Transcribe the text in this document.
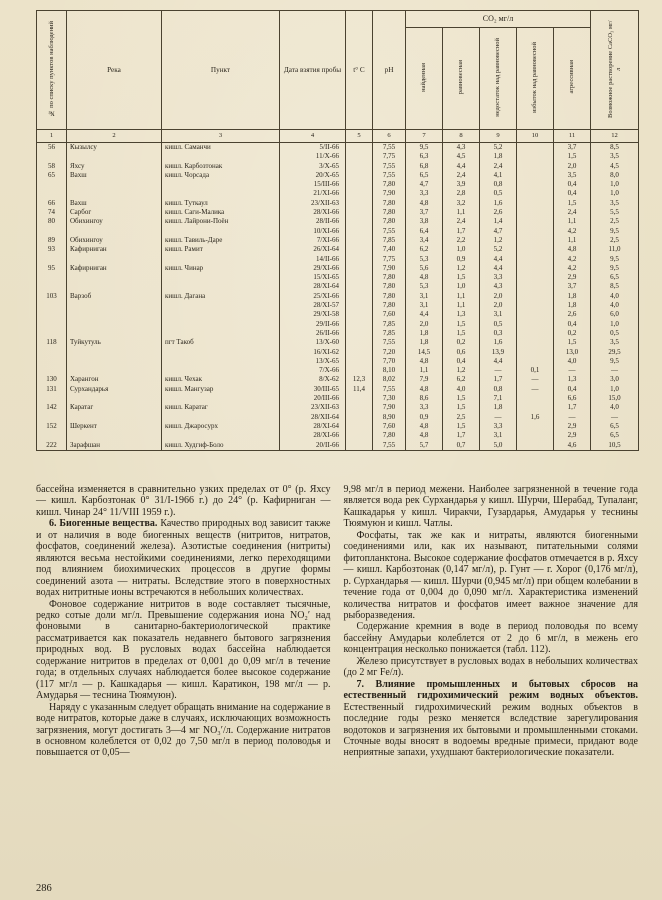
№ по списку пунктов наблюдений	Река	Пункт	Дата взятия пробы	t° C	pH	CO₂ мг/л					Возможное растворение CaCO₃ мг/л
						найденная	равновесная	недостаток над равновесной	избыток над равновесной	агрессивная	
1	2	3	4	5	6	7	8	9	10	11	12
56	Кызылсу	кишл. Саманчи	5/II-66		7,55	9,5	4,3	5,2		3,7	8,5
			11/X-66		7,75	6,3	4,5	1,8		1,5	3,5
58	Яхсу	кишл. Карбозтонак	3/X-65		7,55	6,8	4,4	2,4		2,0	4,5
65	Вахш	кишл. Чорсада	20/X-65		7,55	6,5	2,4	4,1		3,5	8,0
			15/III-66		7,80	4,7	3,9	0,8		0,4	1,0
			21/XI-66		7,90	3,3	2,8	0,5		0,4	1,0
66	Вахш	кишл. Туткаул	23/XII-63		7,80	4,8	3,2	1,6		1,5	3,5
74	Сарбог	кишл. Саги-Малика	28/XI-66		7,80	3,7	1,1	2,6		2,4	5,5
80	Обихингоу	кишл. Лайрони-Поён	28/II-66		7,80	3,8	2,4	1,4		1,1	2,5
			10/XI-66		7,55	6,4	1,7	4,7		4,2	9,5
89	Обихингоу	кишл. Тавиль-Даре	7/XI-66		7,85	3,4	2,2	1,2		1,1	2,5
93	Кафирниган	кишл. Рамит	26/XI-64		7,40	6,2	1,0	5,2		4,8	11,0
			14/II-66		7,75	5,3	0,9	4,4		4,2	9,5
95	Кафирниган	кишл. Чинар	29/XI-66		7,90	5,6	1,2	4,4		4,2	9,5
			15/XI-65		7,80	4,8	1,5	3,3		2,9	6,5
			28/XI-64		7,80	5,3	1,0	4,3		3,7	8,5
103	Варзоб	кишл. Дагана	25/XI-66		7,80	3,1	1,1	2,0		1,8	4,0
			28/XI-57		7,80	3,1	1,1	2,0		1,8	4,0
			29/XI-58		7,60	4,4	1,3	3,1		2,6	6,0
			29/II-66		7,85	2,0	1,5	0,5		0,4	1,0
			26/II-66		7,85	1,8	1,5	0,3		0,2	0,5
118	Туйкутуль	пгт Такоб	13/X-60		7,55	1,8	0,2	1,6		1,5	3,5
			16/XI-62		7,20	14,5	0,6	13,9		13,0	29,5
			13/X-65		7,70	4,8	0,4	4,4		4,0	9,5
			7/X-66		8,10	1,1	1,2	—	0,1	—	—
130	Харангон	кишл. Чехак	8/X-62	12,3	8,02	7,9	6,2	1,7	—	1,3	3,0
131	Сурхандарья	кишл. Мангузар	30/III-65	11,4	7,55	4,8	4,0	0,8	—	0,4	1,0
			20/III-66		7,30	8,6	1,5	7,1		6,6	15,0
142	Каратаг	кишл. Каратаг	23/XII-63		7,90	3,3	1,5	1,8		1,7	4,0
			28/XII-64		8,90	0,9	2,5	—	1,6	—	—
152	Шеркент	кишл. Джаросурх	28/XI-64		7,60	4,8	1,5	3,3		2,9	6,5
			28/XI-66		7,80	4,8	1,7	3,1		2,9	6,5
222	Зарафшан	кишл. Худгиф-Боло	20/II-66		7,55	5,7	0,7	5,0		4,6	10,5

бассейна изменяется в сравнительно узких пределах от 0° (р. Яхсу — кишл. Карбозтонак 0° 31/I-1966 г.) до 24° (р. Кафирниган — кишл. Чинар 24° 11/VIII 1959 г.).

6. Биогенные вещества. Качество природных вод зависит также и от наличия в воде биогенных веществ (нитритов, нитратов, фосфатов, соединений железа). Азотистые соединения (нитриты) являются весьма нестойкими соединениями, легко переходящими под влиянием биохимических процессов в другие формы соединений азота — нитраты. Вследствие этого в поверхностных водах нитритные ионы встречаются в небольших количествах.

Фоновое содержание нитритов в воде составляет тысячные, редко сотые доли мг/л. Превышение содержания иона NO₂′ над фоновыми в санитарно-бактериологической практике рассматривается как показатель недавнего бытового загрязнения природных вод. В русловых водах бассейна наблюдается содержание нитритов в пределах от 0,001 до 0,09 мг/л в течение года; в отдельных случаях наблюдается более высокое содержание (117 мг/л — р. Кашкадарья — кишл. Каратикон, 198 мг/л — р. Амударья — теснина Тюямуюн).

Наряду с указанным следует обращать внимание на содержание в воде нитратов, которые даже в случаях, исключающих возможность загрязнения, могут достигать 3—4 мг NO₃′/л. Содержание нитратов в основном колеблется от 0,02 до 7,50 мг/л в период половодья и повышается от 0,05—

9,98 мг/л в период межени. Наиболее загрязненной в течение года является вода рек Сурхандарья у кишл. Шурчи, Шерабад, Тупаланг, Кашкадарья у кишл. Чиракчи, Гузардарья, Амударья у теснины Тюямуюн и кишл. Чатлы.

Фосфаты, так же как и нитраты, являются биогенными соединениями или, как их называют, питательными солями фитопланктона. Высокое содержание фосфатов отмечается в р. Яхсу — кишл. Карбозтонак (0,147 мг/л), р. Гунт — г. Хорог (0,176 мг/л), р. Сурхандарья — кишл. Шурчи (0,945 мг/л) при общем колебании в течение года от 0,004 до 0,090 мг/л. Характеристика изменений количества нитратов и фосфатов имеет важное значение для рыборазведения.

Содержание кремния в воде в период половодья по всему бассейну Амударьи колеблется от 2 до 6 мг/л, в межень его концентрация несколько понижается (табл. 112).

Железо присутствует в русловых водах в небольших количествах (до 2 мг Fe/л).

7. Влияние промышленных и бытовых сбросов на естественный гидрохимический режим водных объектов. Естественный гидрохимический режим водных объектов в последние годы резко меняется вследствие зарегулирования водотоков и загрязнения их бытовыми и промышленными стоками. Сточные воды вносят в водоемы вредные примеси, придают воде неприятные запахи, ухудшают бактериологические показатели.

286
